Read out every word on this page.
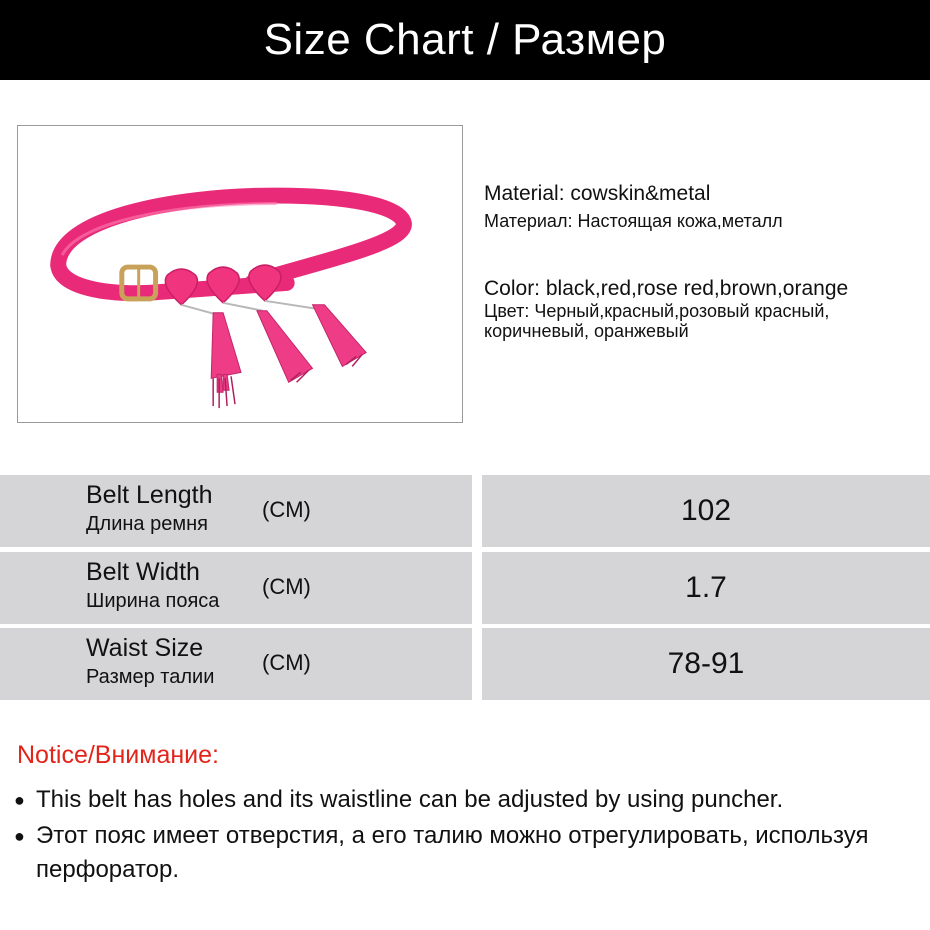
Size Chart / Размер
Material: cowskin&metal
Материал: Настоящая кожа,металл
Color: black,red,rose red,brown,orange
Цвет: Черный,красный,розовый красный,
коричневый, оранжевый
Belt Length
Длина ремня
(CM)	102
Belt Width
Ширина пояса
(CM)	1.7
Waist Size
Размер талии
(CM)	78-91
Notice/Внимание:
● This belt has holes and its waistline can be adjusted by using puncher.
● Этот пояс имеет отверстия, а его талию можно отрегулировать, используя перфоратор.
